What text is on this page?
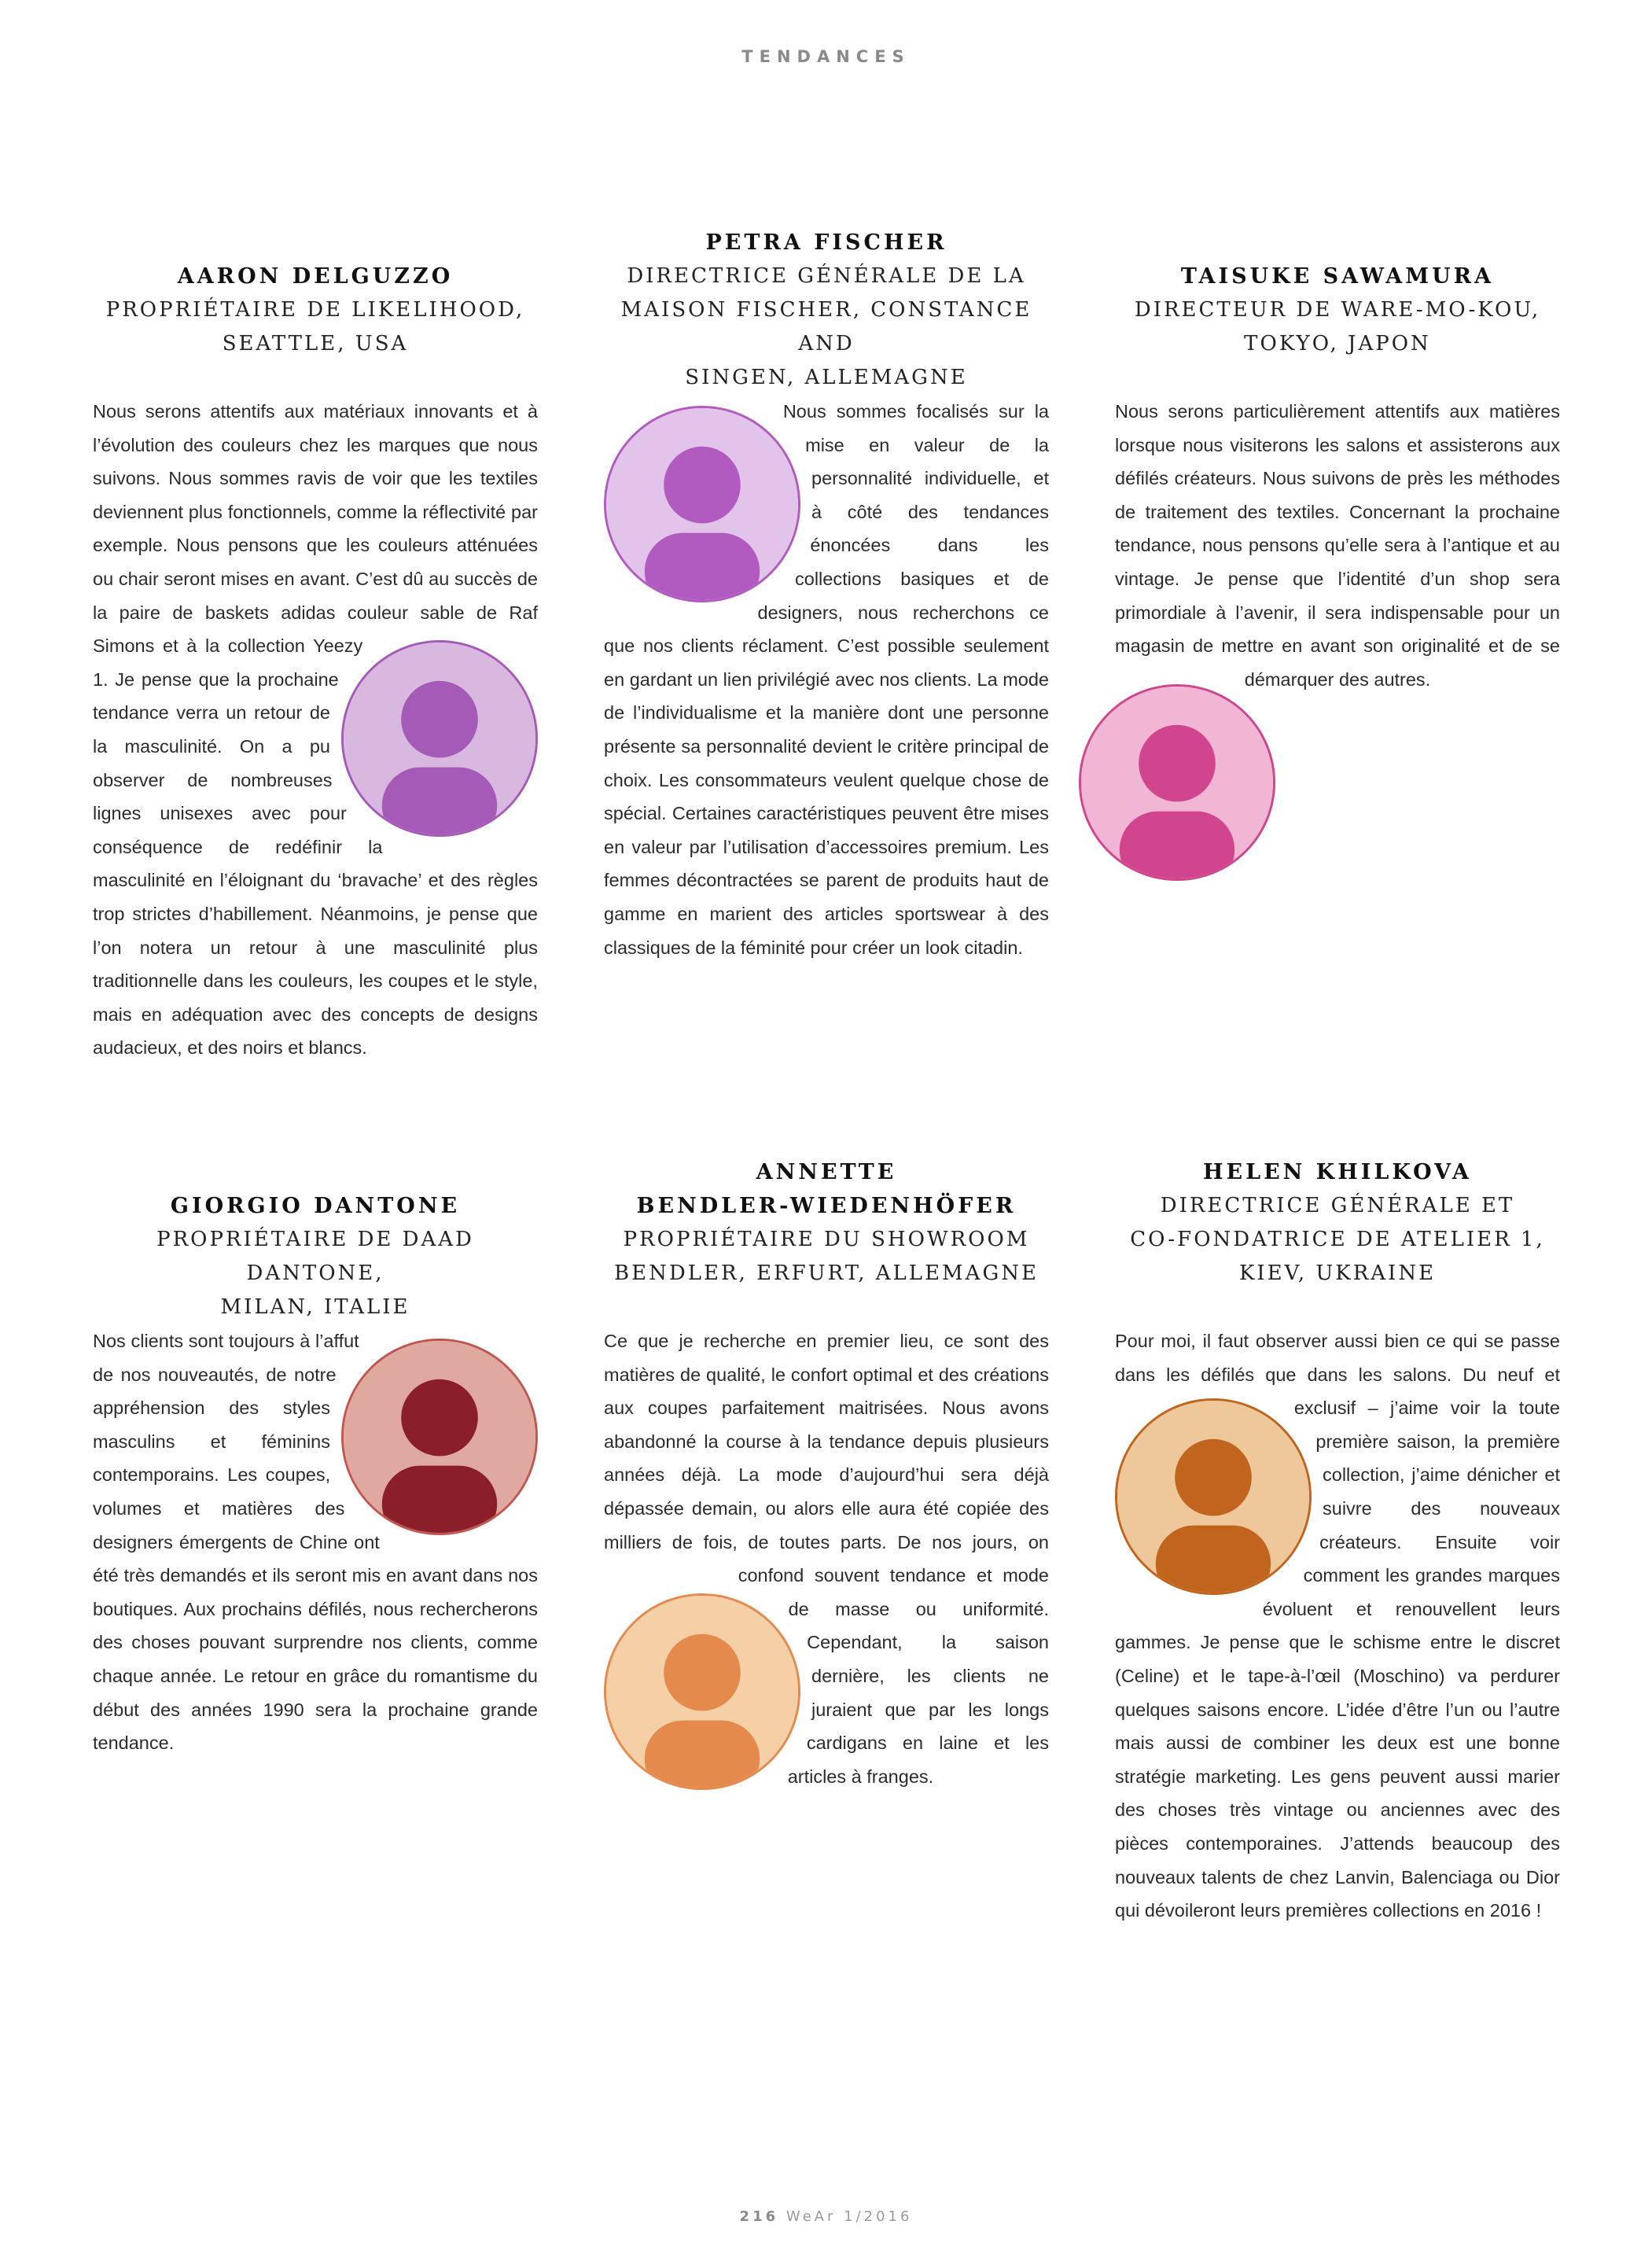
TENDANCES

AARON DELGUZZO

PROPRIÉTAIRE DE LIKELIHOOD,
SEATTLE, USA

Nous serons attentifs aux matériaux innovants et à l’évolution des couleurs chez les marques que nous suivons. Nous sommes ravis de voir que les textiles deviennent plus fonctionnels, comme la réflectivité par exemple. Nous pensons que les couleurs atténuées ou chair seront mises en avant. C’est dû au succès de la paire de baskets adidas couleur sable de Raf Simons et à la collection Yeezy 1. Je pense que la prochaine tendance verra un retour de la masculinité. On a pu observer de nombreuses lignes unisexes avec pour conséquence de redéfinir la masculinité en l’éloignant du ‘bravache’ et des règles trop strictes d’habillement. Néanmoins, je pense que l’on notera un retour à une masculinité plus traditionnelle dans les couleurs, les coupes et le style, mais en adéquation avec des concepts de designs audacieux, et des noirs et blancs.

PETRA FISCHER

DIRECTRICE GÉNÉRALE DE LA
MAISON FISCHER, CONSTANCE AND
SINGEN, ALLEMAGNE

Nous sommes focalisés sur la mise en valeur de la personnalité individuelle, et à côté des tendances énoncées dans les collections basiques et de designers, nous recherchons ce que nos clients réclament. C’est possible seulement en gardant un lien privilégié avec nos clients. La mode de l’individualisme et la manière dont une personne présente sa personnalité devient le critère principal de choix. Les consommateurs veulent quelque chose de spécial. Certaines caractéristiques peuvent être mises en valeur par l’utilisation d’accessoires premium. Les femmes décontractées se parent de produits haut de gamme en marient des articles sportswear à des classiques de la féminité pour créer un look citadin.

TAISUKE SAWAMURA

DIRECTEUR DE WARE-MO-KOU,
TOKYO, JAPON

Nous serons particulièrement attentifs aux matières lorsque nous visiterons les salons et assisterons aux défilés créateurs. Nous suivons de près les méthodes de traitement des textiles. Concernant la prochaine tendance, nous pensons qu’elle sera à l’antique et au vintage. Je pense que l’identité d’un shop sera primordiale à l’avenir, il sera indispensable pour un magasin de mettre en avant son originalité et de se démarquer des autres.

GIORGIO DANTONE

PROPRIÉTAIRE DE DAAD DANTONE,
MILAN, ITALIE

Nos clients sont toujours à l’affut de nos nouveautés, de notre appréhension des styles masculins et féminins contemporains. Les coupes, volumes et matières des designers émergents de Chine ont été très demandés et ils seront mis en avant dans nos boutiques. Aux prochains défilés, nous rechercherons des choses pouvant surprendre nos clients, comme chaque année. Le retour en grâce du romantisme du début des années 1990 sera la prochaine grande tendance.

ANNETTE
BENDLER-WIEDENHÖFER

PROPRIÉTAIRE DU SHOWROOM
BENDLER, ERFURT, ALLEMAGNE

Ce que je recherche en premier lieu, ce sont des matières de qualité, le confort optimal et des créations aux coupes parfaitement maitrisées. Nous avons abandonné la course à la tendance depuis plusieurs années déjà. La mode d’aujourd’hui sera déjà dépassée demain, ou alors elle aura été copiée des milliers de fois, de toutes parts. De nos jours, on confond souvent tendance et mode de masse ou uniformité. Cependant, la saison dernière, les clients ne juraient que par les longs cardigans en laine et les articles à franges.

HELEN KHILKOVA

DIRECTRICE GÉNÉRALE ET
CO-FONDATRICE DE ATELIER 1,
KIEV, UKRAINE

Pour moi, il faut observer aussi bien ce qui se passe dans les défilés que dans les salons. Du neuf et exclusif – j’aime voir la toute première saison, la première collection, j’aime dénicher et suivre des nouveaux créateurs. Ensuite voir comment les grandes marques évoluent et renouvellent leurs gammes. Je pense que le schisme entre le discret (Celine) et le tape-à-l’œil (Moschino) va perdurer quelques saisons encore. L’idée d’être l’un ou l’autre mais aussi de combiner les deux est une bonne stratégie marketing. Les gens peuvent aussi marier des choses très vintage ou anciennes avec des pièces contemporaines. J’attends beaucoup des nouveaux talents de chez Lanvin, Balenciaga ou Dior qui dévoileront leurs premières collections en 2016 !

216 WeAr 1/2016
